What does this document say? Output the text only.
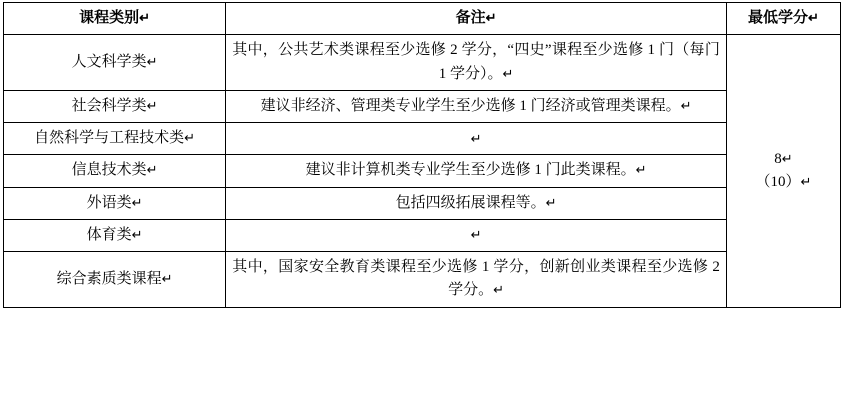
课程类别↵	备注↵	最低学分↵
人文科学类↵	其中，公共艺术类课程至少选修 2 学分，“四史”课程至少选修 1 门（每门 1 学分）。↵	8↵
（10）↵

社会科学类↵	建议非经济、管理类专业学生至少选修 1 门经济或管理类课程。↵	
自然科学与工程技术类↵	↵	

信息技术类↵	建议非计算机类专业学生至少选修 1 门此类课程。↵	
外语类↵	包括四级拓展课程等。↵	
体育类↵	↵	

综合素质类课程↵	其中，国家安全教育类课程至少选修 1 学分，创新创业类课程至少选修 2 学分。↵	
